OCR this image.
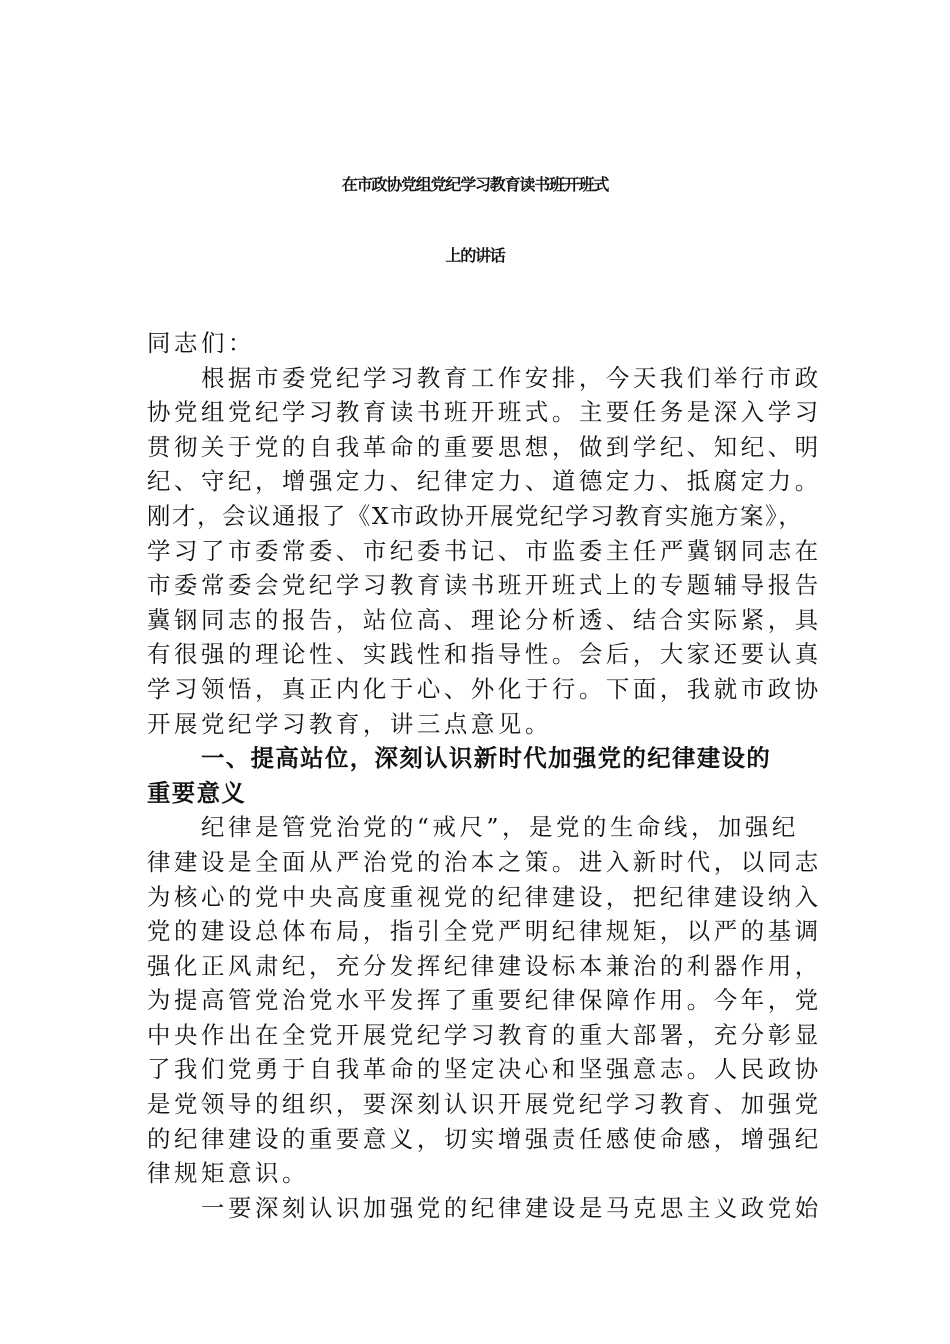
在市政协党组党纪学习教育读书班开班式
上的讲话
同志们：
根据市委党纪学习教育工作安排，今天我们举行市政
协党组党纪学习教育读书班开班式。主要任务是深入学习
贯彻关于党的自我革命的重要思想，做到学纪、知纪、明
纪、守纪，增强定力、纪律定力、道德定力、抵腐定力。
刚才，会议通报了《X市政协开展党纪学习教育实施方案》，
学习了市委常委、市纪委书记、市监委主任严冀钢同志在
市委常委会党纪学习教育读书班开班式上的专题辅导报告
冀钢同志的报告，站位高、理论分析透、结合实际紧，具
有很强的理论性、实践性和指导性。会后，大家还要认真
学习领悟，真正内化于心、外化于行。下面，我就市政协
开展党纪学习教育，讲三点意见。
一、提高站位，深刻认识新时代加强党的纪律建设的
重要意义
纪律是管党治党的“戒尺”，是党的生命线，加强纪
律建设是全面从严治党的治本之策。进入新时代，以同志
为核心的党中央高度重视党的纪律建设，把纪律建设纳入
党的建设总体布局，指引全党严明纪律规矩，以严的基调
强化正风肃纪，充分发挥纪律建设标本兼治的利器作用，
为提高管党治党水平发挥了重要纪律保障作用。今年，党
中央作出在全党开展党纪学习教育的重大部署，充分彰显
了我们党勇于自我革命的坚定决心和坚强意志。人民政协
是党领导的组织，要深刻认识开展党纪学习教育、加强党
的纪律建设的重要意义，切实增强责任感使命感，增强纪
律规矩意识。
一要深刻认识加强党的纪律建设是马克思主义政党始
